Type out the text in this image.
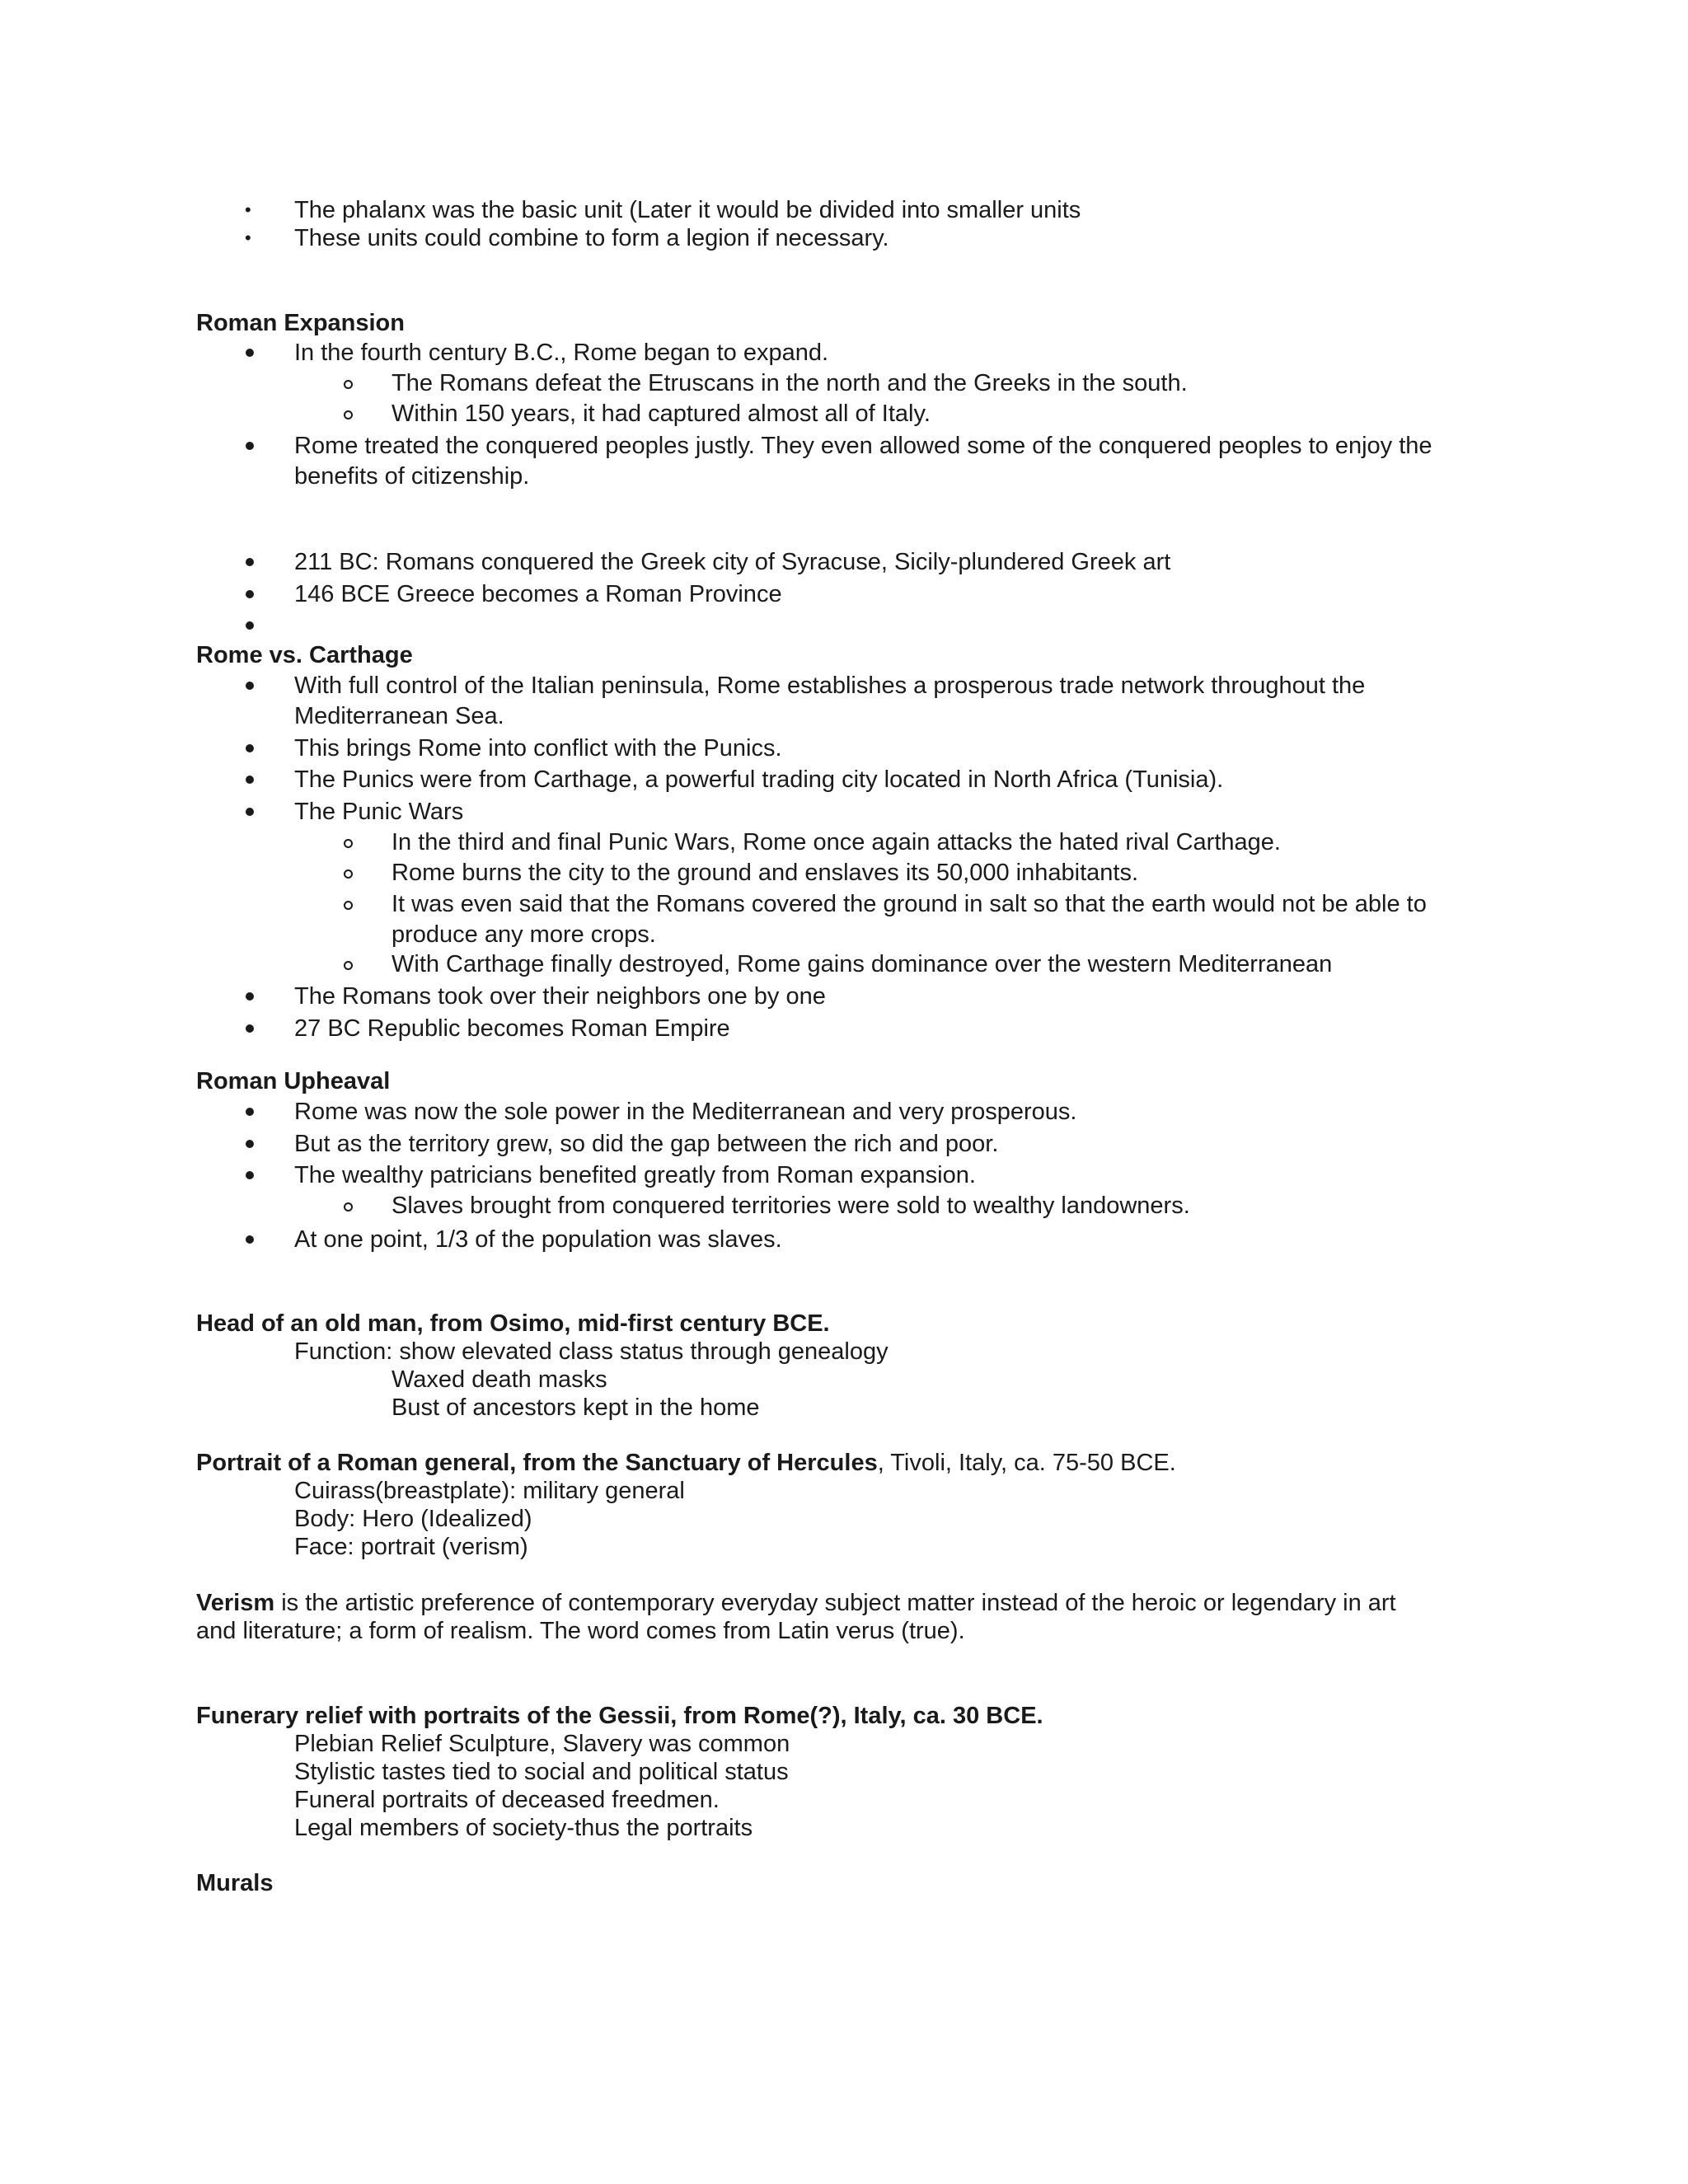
• The phalanx was the basic unit (Later it would be divided into smaller units
• These units could combine to form a legion if necessary.
Roman Expansion
In the fourth century B.C., Rome began to expand.
The Romans defeat the Etruscans in the north and the Greeks in the south.
Within 150 years, it had captured almost all of Italy.
Rome treated the conquered peoples justly. They even allowed some of the conquered peoples to enjoy the
benefits of citizenship.
211 BC: Romans conquered the Greek city of Syracuse, Sicily-plundered Greek art
146 BCE Greece becomes a Roman Province
Rome vs. Carthage
With full control of the Italian peninsula, Rome establishes a prosperous trade network throughout the
Mediterranean Sea.
This brings Rome into conflict with the Punics.
The Punics were from Carthage, a powerful trading city located in North Africa (Tunisia).
The Punic Wars
In the third and final Punic Wars, Rome once again attacks the hated rival Carthage.
Rome burns the city to the ground and enslaves its 50,000 inhabitants.
It was even said that the Romans covered the ground in salt so that the earth would not be able to
produce any more crops.
With Carthage finally destroyed, Rome gains dominance over the western Mediterranean
The Romans took over their neighbors one by one
27 BC Republic becomes Roman Empire
Roman Upheaval
Rome was now the sole power in the Mediterranean and very prosperous.
But as the territory grew, so did the gap between the rich and poor.
The wealthy patricians benefited greatly from Roman expansion.
Slaves brought from conquered territories were sold to wealthy landowners.
At one point, 1/3 of the population was slaves.
Head of an old man, from Osimo, mid-first century BCE.
Function: show elevated class status through genealogy
Waxed death masks
Bust of ancestors kept in the home
Portrait of a Roman general, from the Sanctuary of Hercules, Tivoli, Italy, ca. 75-50 BCE.
Cuirass(breastplate): military general
Body: Hero (Idealized)
Face: portrait (verism)
Verism is the artistic preference of contemporary everyday subject matter instead of the heroic or legendary in art
and literature; a form of realism. The word comes from Latin verus (true).
Funerary relief with portraits of the Gessii, from Rome(?), Italy, ca. 30 BCE.
Plebian Relief Sculpture, Slavery was common
Stylistic tastes tied to social and political status
Funeral portraits of deceased freedmen.
Legal members of society-thus the portraits
Murals
